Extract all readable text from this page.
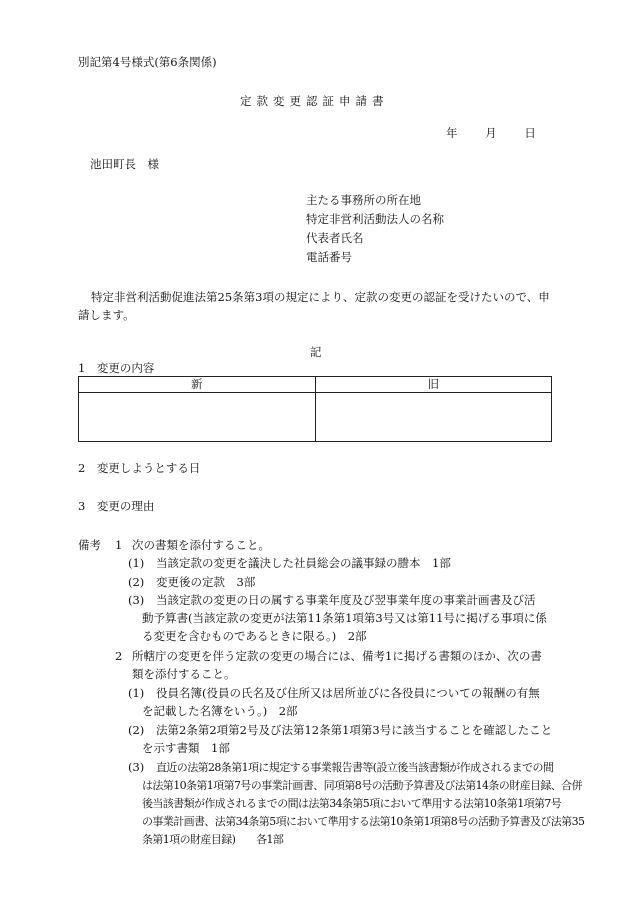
別記第4号様式(第6条関係)
定款変更認証申請書
年 月 日
池田町長　様
主たる事務所の所在地
特定非営利活動法人の名称
代表者氏名
電話番号
特定非営利活動促進法第25条第3項の規定により、定款の変更の認証を受けたいので、申
請します。
記
1　変更の内容
新	旧

2　変更しようとする日
3　変更の理由
備考 1 次の書類を添付すること。
(1) 当該定款の変更を議決した社員総会の議事録の謄本　1部
(2) 変更後の定款　3部
(3) 当該定款の変更の日の属する事業年度及び翌事業年度の事業計画書及び活
動予算書(当該定款の変更が法第11条第1項第3号又は第11号に掲げる事項に係
る変更を含むものであるときに限る。)　2部
2 所轄庁の変更を伴う定款の変更の場合には、備考1に掲げる書類のほか、次の書
類を添付すること。
(1) 役員名簿(役員の氏名及び住所又は居所並びに各役員についての報酬の有無
を記載した名簿をいう。)　2部
(2) 法第2条第2項第2号及び法第12条第1項第3号に該当することを確認したこと
を示す書類　1部
(3) 直近の法第28条第1項に規定する事業報告書等(設立後当該書類が作成されるまでの間
は法第10条第1項第7号の事業計画書、同項第8号の活動予算書及び法第14条の財産目録、合併
後当該書類が作成されるまでの間は法第34条第5項において準用する法第10条第1項第7号
の事業計画書、法第34条第5項において準用する法第10条第1項第8号の活動予算書及び法第35
条第1項の財産目録)　　各1部
